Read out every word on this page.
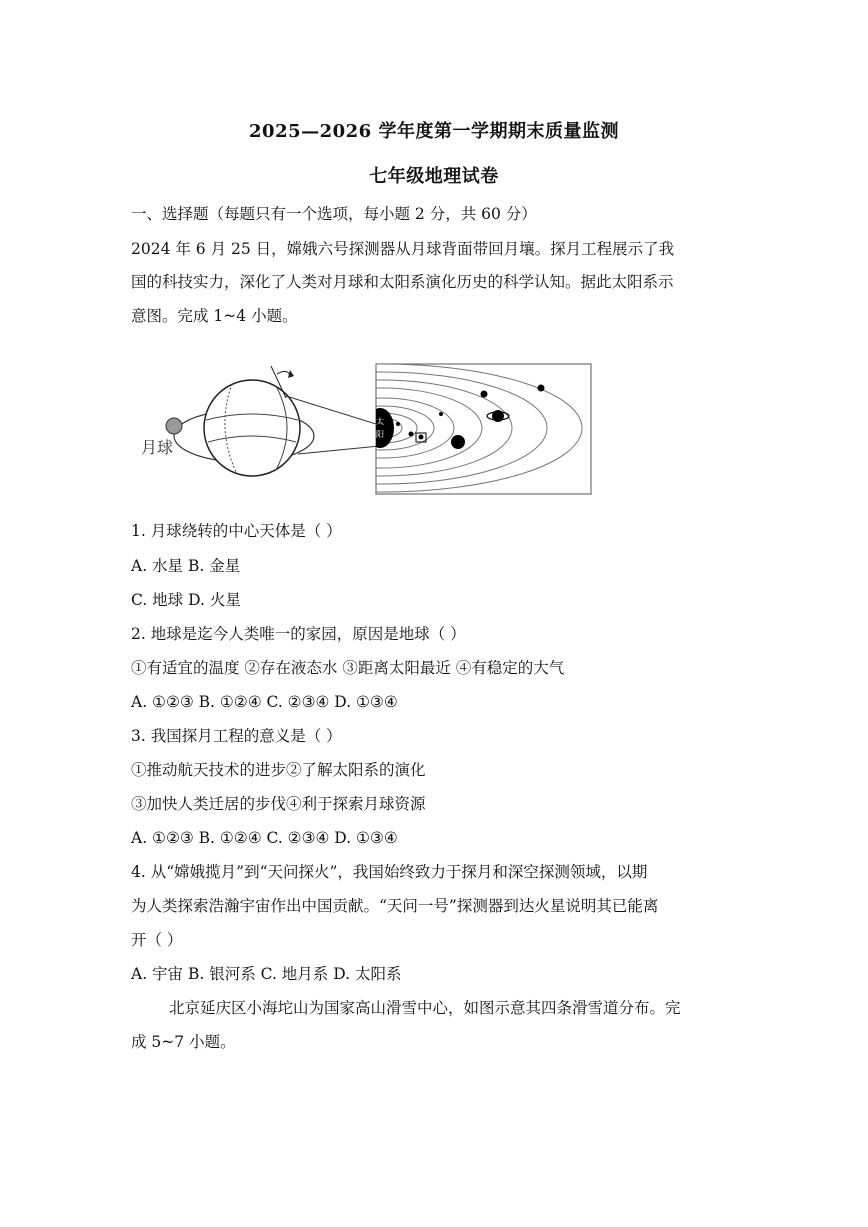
2025—2026 学年度第一学期期末质量监测
七年级地理试卷
一、选择题（每题只有一个选项，每小题 2 分，共 60 分）
2024 年 6 月 25 日，嫦娥六号探测器从月球背面带回月壤。探月工程展示了我
国的科技实力，深化了人类对月球和太阳系演化历史的科学认知。据此太阳系示
意图。完成 1~4 小题。
月球
太
阳
1. 月球绕转的中心天体是（ ）
A. 水星 B. 金星
C. 地球 D. 火星
2. 地球是迄今人类唯一的家园，原因是地球（ ）
①有适宜的温度 ②存在液态水 ③距离太阳最近 ④有稳定的大气
A. ①②③ B. ①②④ C. ②③④ D. ①③④
3. 我国探月工程的意义是（ ）
①推动航天技术的进步②了解太阳系的演化
③加快人类迁居的步伐④利于探索月球资源
A. ①②③ B. ①②④ C. ②③④ D. ①③④
4. 从“嫦娥揽月”到“天问探火”，我国始终致力于探月和深空探测领域，以期
为人类探索浩瀚宇宙作出中国贡献。“天问一号”探测器到达火星说明其已能离
开（ ）
A. 宇宙 B. 银河系 C. 地月系 D. 太阳系
北京延庆区小海坨山为国家高山滑雪中心，如图示意其四条滑雪道分布。完
成 5~7 小题。
